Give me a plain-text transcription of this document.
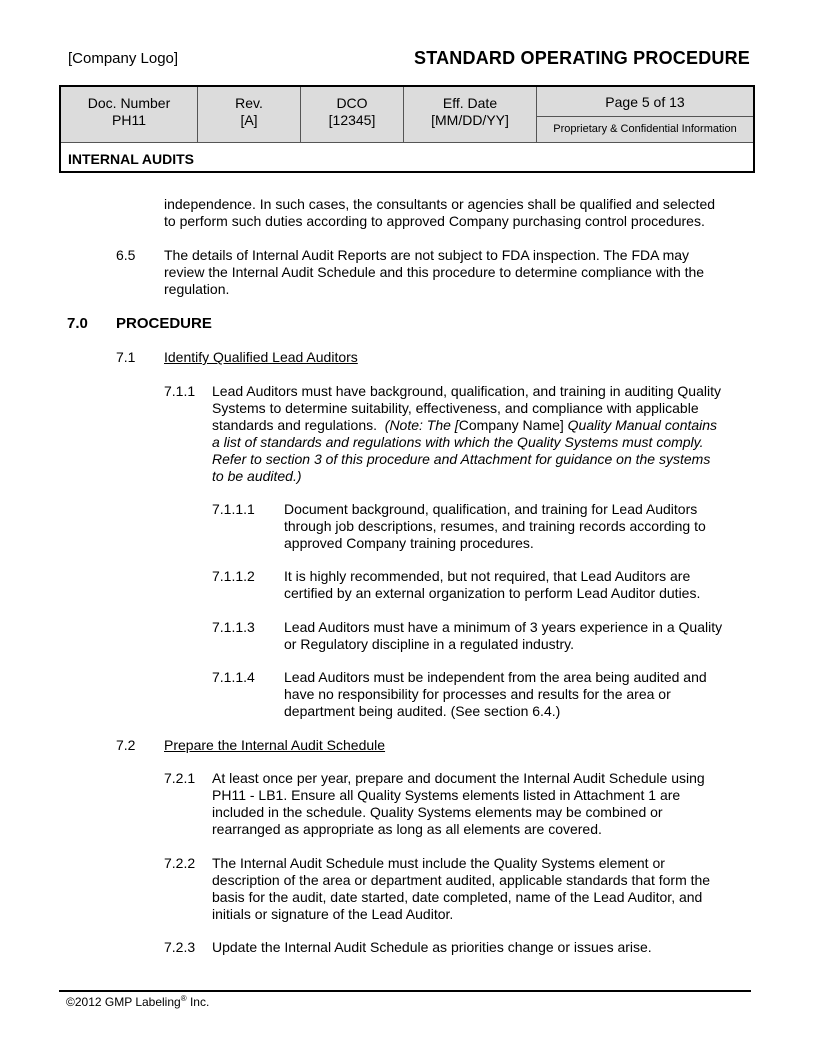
[Company Logo]	STANDARD OPERATING PROCEDURE
Doc. Number
PH11
Rev.
[A]
DCO
[12345]
Eff. Date
[MM/DD/YY]
Page 5 of 13
Proprietary & Confidential Information
INTERNAL AUDITS
independence. In such cases, the consultants or agencies shall be qualified and selected
to perform such duties according to approved Company purchasing control procedures.
6.5 The details of Internal Audit Reports are not subject to FDA inspection. The FDA may
review the Internal Audit Schedule and this procedure to determine compliance with the
regulation.
7.0 PROCEDURE
7.1 Identify Qualified Lead Auditors
7.1.1 Lead Auditors must have background, qualification, and training in auditing Quality
Systems to determine suitability, effectiveness, and compliance with applicable
standards and regulations.  (Note: The [Company Name] Quality Manual contains
a list of standards and regulations with which the Quality Systems must comply.
Refer to section 3 of this procedure and Attachment for guidance on the systems
to be audited.)
7.1.1.1 Document background, qualification, and training for Lead Auditors
through job descriptions, resumes, and training records according to
approved Company training procedures.
7.1.1.2 It is highly recommended, but not required, that Lead Auditors are
certified by an external organization to perform Lead Auditor duties.
7.1.1.3 Lead Auditors must have a minimum of 3 years experience in a Quality
or Regulatory discipline in a regulated industry.
7.1.1.4 Lead Auditors must be independent from the area being audited and
have no responsibility for processes and results for the area or
department being audited. (See section 6.4.)
7.2 Prepare the Internal Audit Schedule
7.2.1 At least once per year, prepare and document the Internal Audit Schedule using
PH11 - LB1. Ensure all Quality Systems elements listed in Attachment 1 are
included in the schedule. Quality Systems elements may be combined or
rearranged as appropriate as long as all elements are covered.
7.2.2 The Internal Audit Schedule must include the Quality Systems element or
description of the area or department audited, applicable standards that form the
basis for the audit, date started, date completed, name of the Lead Auditor, and
initials or signature of the Lead Auditor.
7.2.3 Update the Internal Audit Schedule as priorities change or issues arise.
©2012 GMP Labeling® Inc.
